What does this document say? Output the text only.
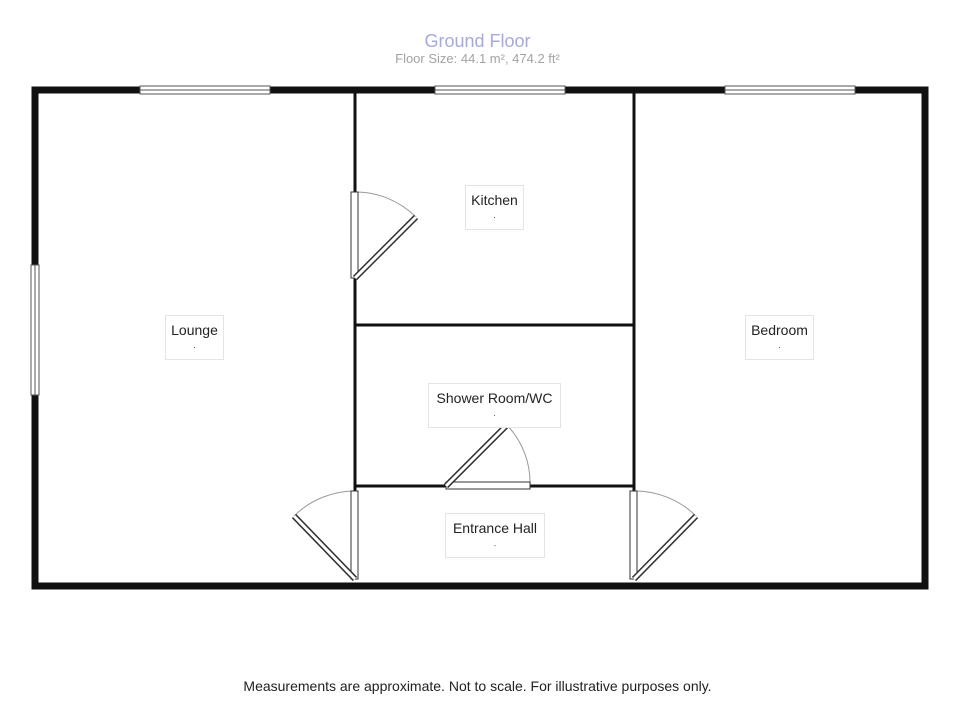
Ground Floor
Floor Size: 44.1 m², 474.2 ft²
Lounge
.
Kitchen
.
Bedroom
.
Shower Room/WC
.
Entrance Hall
.
Measurements are approximate. Not to scale. For illustrative purposes only.
